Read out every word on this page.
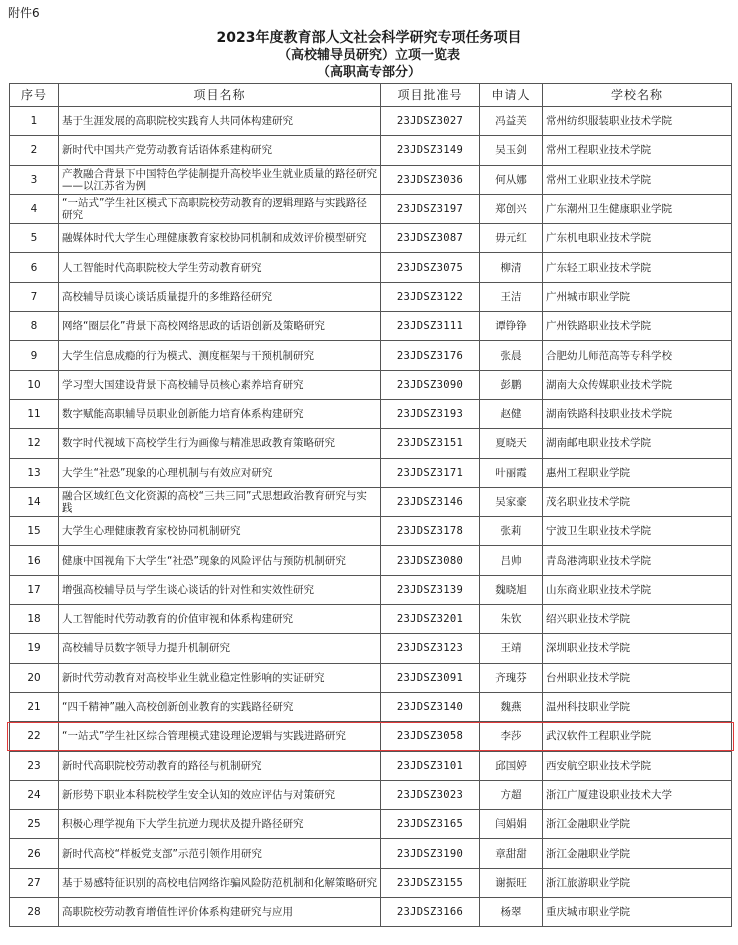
附件6
2023年度教育部人文社会科学研究专项任务项目
（高校辅导员研究）立项一览表
（高职高专部分）
序号	项目名称	项目批准号	申请人	学校名称
1	基于生涯发展的高职院校实践育人共同体构建研究	23JDSZ3027	冯益芙	常州纺织服装职业技术学院
2	新时代中国共产党劳动教育话语体系建构研究	23JDSZ3149	吴玉剑	常州工程职业技术学院
3	产教融合背景下中国特色学徒制提升高校毕业生就业质量的路径研究——以江苏省为例	23JDSZ3036	何从娜	常州工业职业技术学院
4	“一站式”学生社区模式下高职院校劳动教育的逻辑理路与实践路径研究	23JDSZ3197	郑创兴	广东潮州卫生健康职业学院
5	融媒体时代大学生心理健康教育家校协同机制和成效评价模型研究	23JDSZ3087	毋元红	广东机电职业技术学院
6	人工智能时代高职院校大学生劳动教育研究	23JDSZ3075	柳清	广东轻工职业技术学院
7	高校辅导员谈心谈话质量提升的多维路径研究	23JDSZ3122	王洁	广州城市职业学院
8	网络“圈层化”背景下高校网络思政的话语创新及策略研究	23JDSZ3111	谭铮铮	广州铁路职业技术学院
9	大学生信息成瘾的行为模式、测度框架与干预机制研究	23JDSZ3176	张晨	合肥幼儿师范高等专科学校
10	学习型大国建设背景下高校辅导员核心素养培育研究	23JDSZ3090	彭鹏	湖南大众传媒职业技术学院
11	数字赋能高职辅导员职业创新能力培育体系构建研究	23JDSZ3193	赵健	湖南铁路科技职业技术学院
12	数字时代视域下高校学生行为画像与精准思政教育策略研究	23JDSZ3151	夏晓天	湖南邮电职业技术学院
13	大学生“社恐”现象的心理机制与有效应对研究	23JDSZ3171	叶丽霞	惠州工程职业学院
14	融合区域红色文化资源的高校“三共三同”式思想政治教育研究与实践	23JDSZ3146	吴家豪	茂名职业技术学院
15	大学生心理健康教育家校协同机制研究	23JDSZ3178	张莉	宁波卫生职业技术学院
16	健康中国视角下大学生“社恐”现象的风险评估与预防机制研究	23JDSZ3080	吕帅	青岛港湾职业技术学院
17	增强高校辅导员与学生谈心谈话的针对性和实效性研究	23JDSZ3139	魏晓旭	山东商业职业技术学院
18	人工智能时代劳动教育的价值审视和体系构建研究	23JDSZ3201	朱钦	绍兴职业技术学院
19	高校辅导员数字领导力提升机制研究	23JDSZ3123	王靖	深圳职业技术学院
20	新时代劳动教育对高校毕业生就业稳定性影响的实证研究	23JDSZ3091	齐瑰芬	台州职业技术学院
21	“四千精神”融入高校创新创业教育的实践路径研究	23JDSZ3140	魏燕	温州科技职业学院
22	“一站式”学生社区综合管理模式建设理论逻辑与实践进路研究	23JDSZ3058	李莎	武汉软件工程职业学院
23	新时代高职院校劳动教育的路径与机制研究	23JDSZ3101	邱国婷	西安航空职业技术学院
24	新形势下职业本科院校学生安全认知的效应评估与对策研究	23JDSZ3023	方超	浙江广厦建设职业技术大学
25	积极心理学视角下大学生抗逆力现状及提升路径研究	23JDSZ3165	闫娟娟	浙江金融职业学院
26	新时代高校“样板党支部”示范引领作用研究	23JDSZ3190	章甜甜	浙江金融职业学院
27	基于易感特征识别的高校电信网络诈骗风险防范机制和化解策略研究	23JDSZ3155	谢振旺	浙江旅游职业学院
28	高职院校劳动教育增值性评价体系构建研究与应用	23JDSZ3166	杨翠	重庆城市职业学院
